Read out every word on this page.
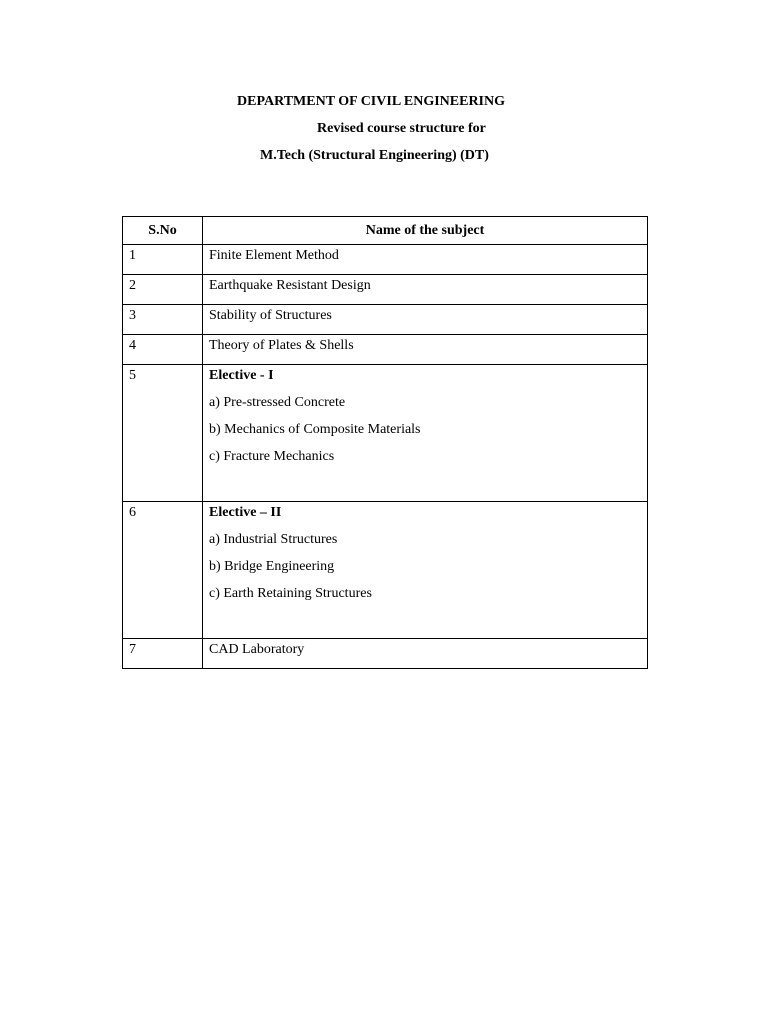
DEPARTMENT OF CIVIL ENGINEERING
Revised course structure for
M.Tech (Structural Engineering) (DT)
S.No	Name of the subject

1	Finite Element Method

2	Earthquake Resistant Design

3	Stability of Structures

4	Theory of Plates & Shells

5	Elective - I
a) Pre-stressed Concrete
b) Mechanics of Composite Materials
c) Fracture Mechanics

6	Elective – II
a) Industrial Structures
b) Bridge Engineering
c) Earth Retaining Structures

7	CAD Laboratory
